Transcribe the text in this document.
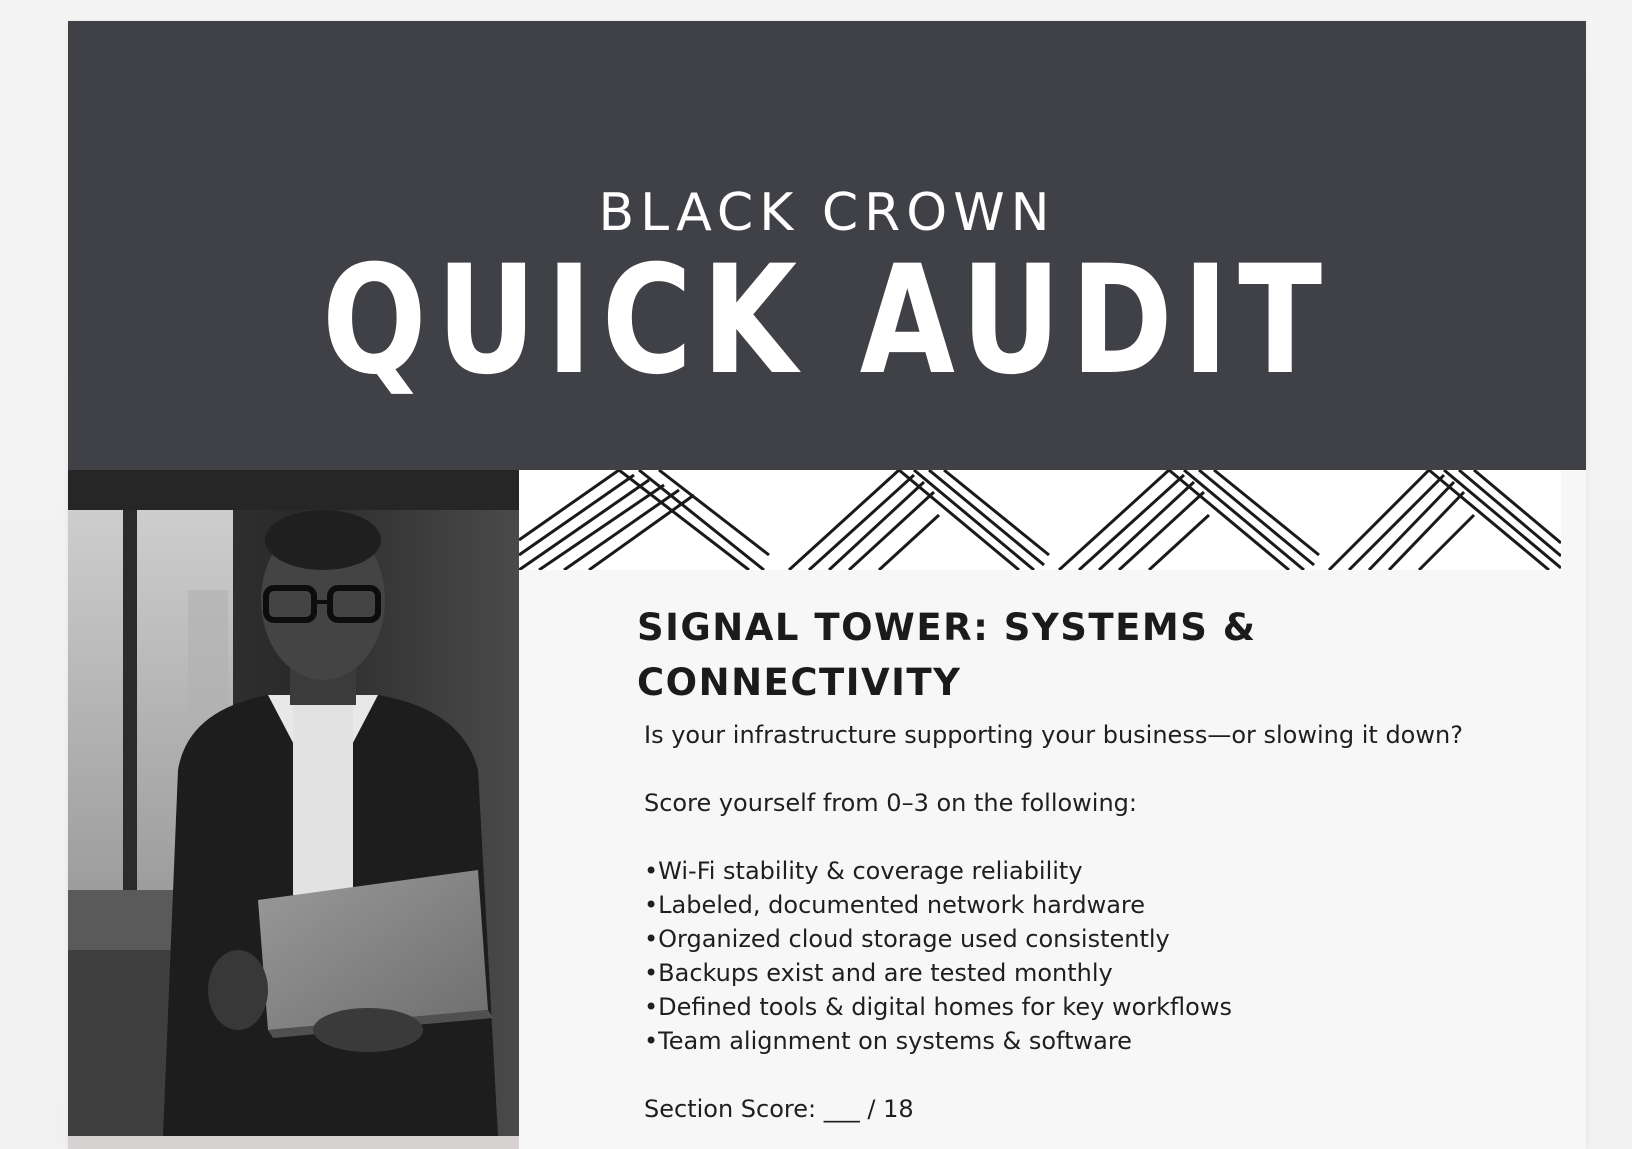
BLACK CROWN
QUICK AUDIT
SIGNAL TOWER: SYSTEMS &
CONNECTIVITY
Is your infrastructure supporting your business—or slowing it down?
Score yourself from 0–3 on the following:
• Wi-Fi stability & coverage reliability
• Labeled, documented network hardware
• Organized cloud storage used consistently
• Backups exist and are tested monthly
• Defined tools & digital homes for key workflows
• Team alignment on systems & software
Section Score: ___ / 18
